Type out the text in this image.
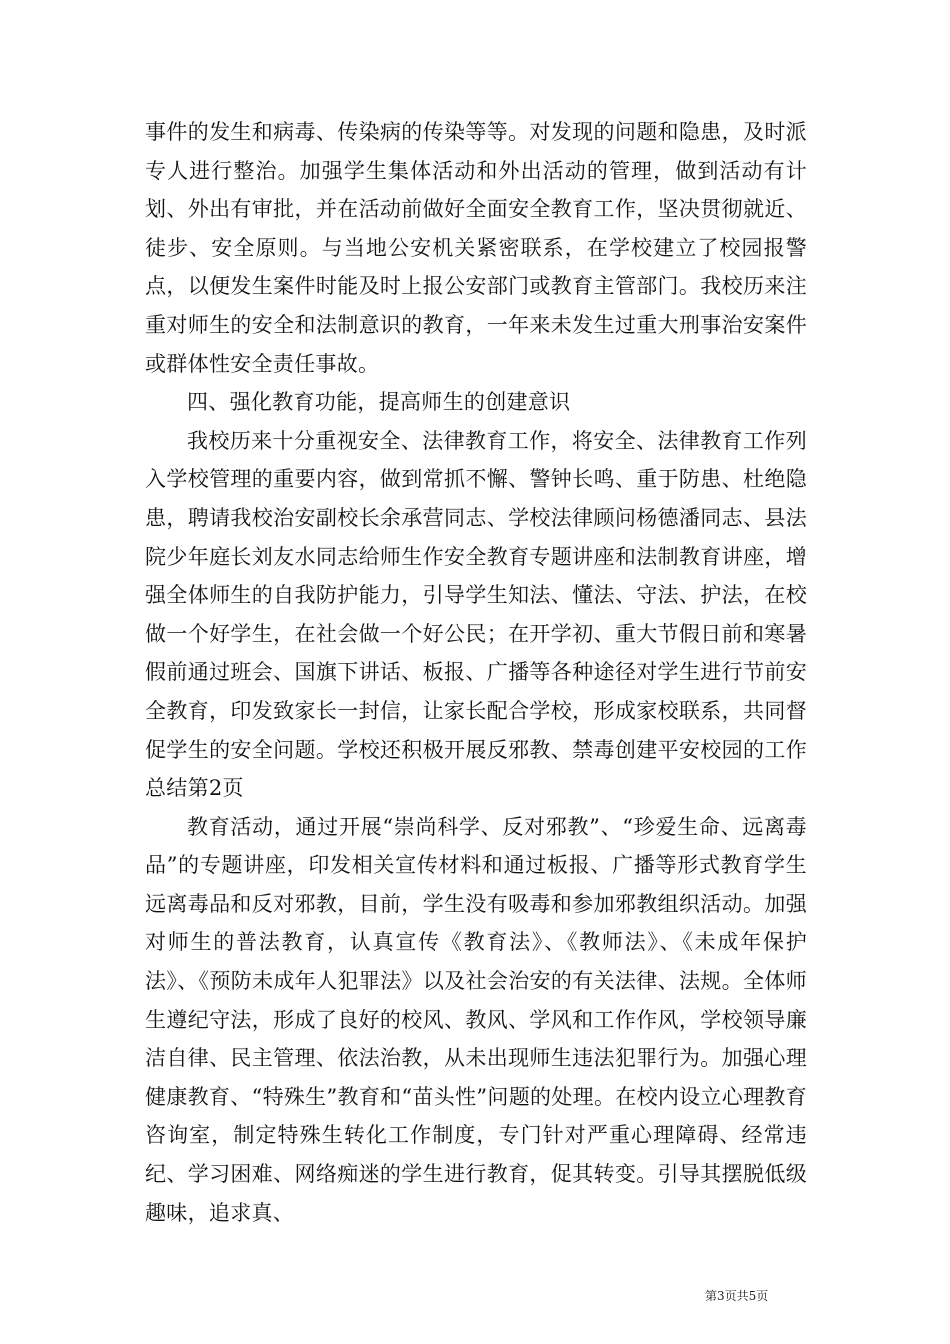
事件的发生和病毒、传染病的传染等等。对发现的问题和隐患，及时派专人进行整治。加强学生集体活动和外出活动的管理，做到活动有计划、外出有审批，并在活动前做好全面安全教育工作，坚决贯彻就近、徒步、安全原则。与当地公安机关紧密联系，在学校建立了校园报警点，以便发生案件时能及时上报公安部门或教育主管部门。我校历来注重对师生的安全和法制意识的教育，一年来未发生过重大刑事治安案件或群体性安全责任事故。

四、强化教育功能，提高师生的创建意识

我校历来十分重视安全、法律教育工作，将安全、法律教育工作列入学校管理的重要内容，做到常抓不懈、警钟长鸣、重于防患、杜绝隐患，聘请我校治安副校长余承营同志、学校法律顾问杨德潘同志、县法院少年庭长刘友水同志给师生作安全教育专题讲座和法制教育讲座，增强全体师生的自我防护能力，引导学生知法、懂法、守法、护法，在校做一个好学生，在社会做一个好公民；在开学初、重大节假日前和寒暑假前通过班会、国旗下讲话、板报、广播等各种途径对学生进行节前安全教育，印发致家长一封信，让家长配合学校，形成家校联系，共同督促学生的安全问题。学校还积极开展反邪教、禁毒创建平安校园的工作总结第2页

教育活动，通过开展“崇尚科学、反对邪教”、“珍爱生命、远离毒品”的专题讲座，印发相关宣传材料和通过板报、广播等形式教育学生远离毒品和反对邪教，目前，学生没有吸毒和参加邪教组织活动。加强对师生的普法教育，认真宣传《教育法》、《教师法》、《未成年保护法》、《预防未成年人犯罪法》以及社会治安的有关法律、法规。全体师生遵纪守法，形成了良好的校风、教风、学风和工作作风，学校领导廉洁自律、民主管理、依法治教，从未出现师生违法犯罪行为。加强心理健康教育、“特殊生”教育和“苗头性”问题的处理。在校内设立心理教育咨询室，制定特殊生转化工作制度，专门针对严重心理障碍、经常违纪、学习困难、网络痴迷的学生进行教育，促其转变。引导其摆脱低级趣味，追求真、

第3页共5页
